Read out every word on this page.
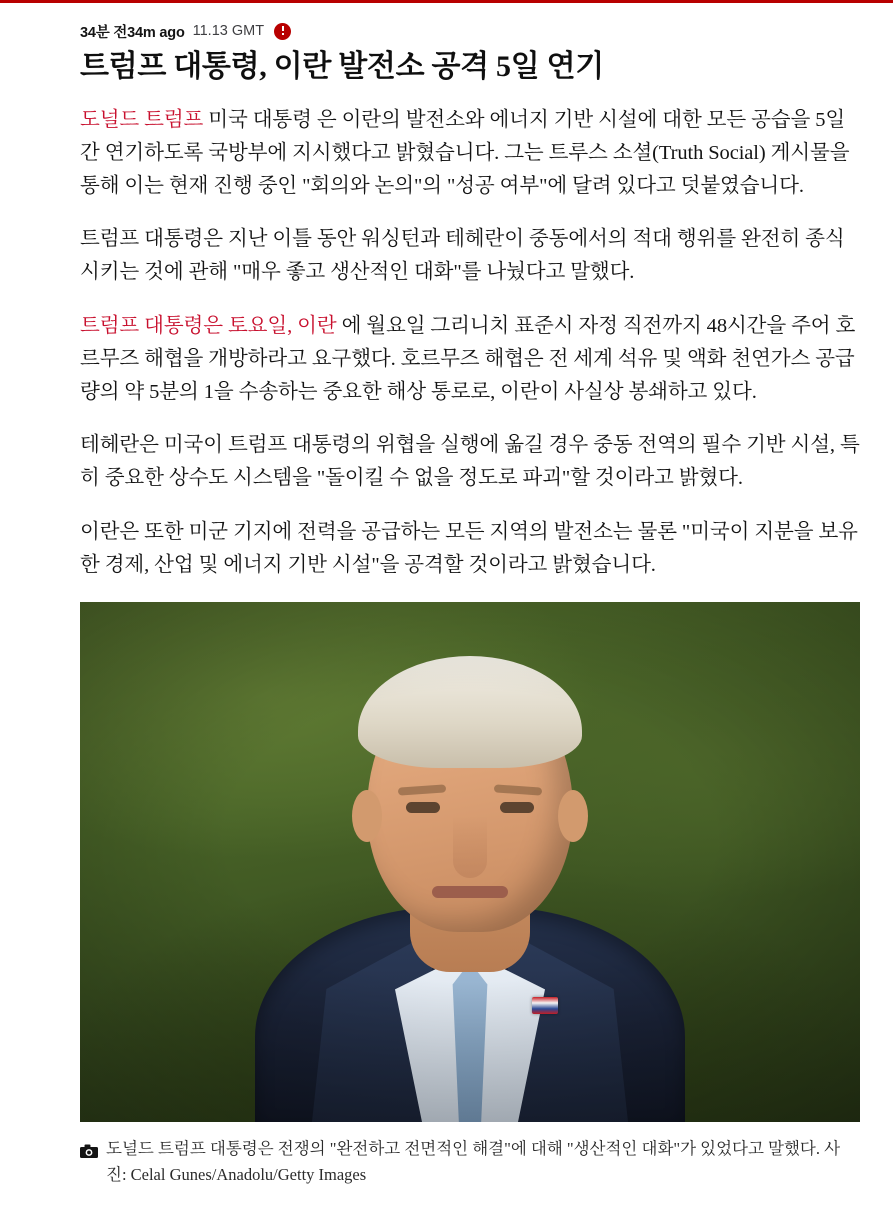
34분 전34m ago 11.13 GMT
트럼프 대통령, 이란 발전소 공격 5일 연기

도널드 트럼프 미국 대통령 은 이란의 발전소와 에너지 기반 시설에 대한 모든 공습을 5일간 연기하도록 국방부에 지시했다고 밝혔습니다. 그는 트루스 소셜(Truth Social) 게시물을 통해 이는 현재 진행 중인 "회의와 논의"의 "성공 여부"에 달려 있다고 덧붙였습니다.

트럼프 대통령은 지난 이틀 동안 워싱턴과 테헤란이 중동에서의 적대 행위를 완전히 종식시키는 것에 관해 "매우 좋고 생산적인 대화"를 나눴다고 말했다.

트럼프 대통령은 토요일, 이란 에 월요일 그리니치 표준시 자정 직전까지 48시간을 주어 호르무즈 해협을 개방하라고 요구했다. 호르무즈 해협은 전 세계 석유 및 액화 천연가스 공급량의 약 5분의 1을 수송하는 중요한 해상 통로로, 이란이 사실상 봉쇄하고 있다.

테헤란은 미국이 트럼프 대통령의 위협을 실행에 옮길 경우 중동 전역의 필수 기반 시설, 특히 중요한 상수도 시스템을 "돌이킬 수 없을 정도로 파괴"할 것이라고 밝혔다.

이란은 또한 미군 기지에 전력을 공급하는 모든 지역의 발전소는 물론 "미국이 지분을 보유한 경제, 산업 및 에너지 기반 시설"을 공격할 것이라고 밝혔습니다.

도널드 트럼프 대통령은 전쟁의 "완전하고 전면적인 해결"에 대해 "생산적인 대화"가 있었다고 말했다. 사진: Celal Gunes/Anadolu/Getty Images
